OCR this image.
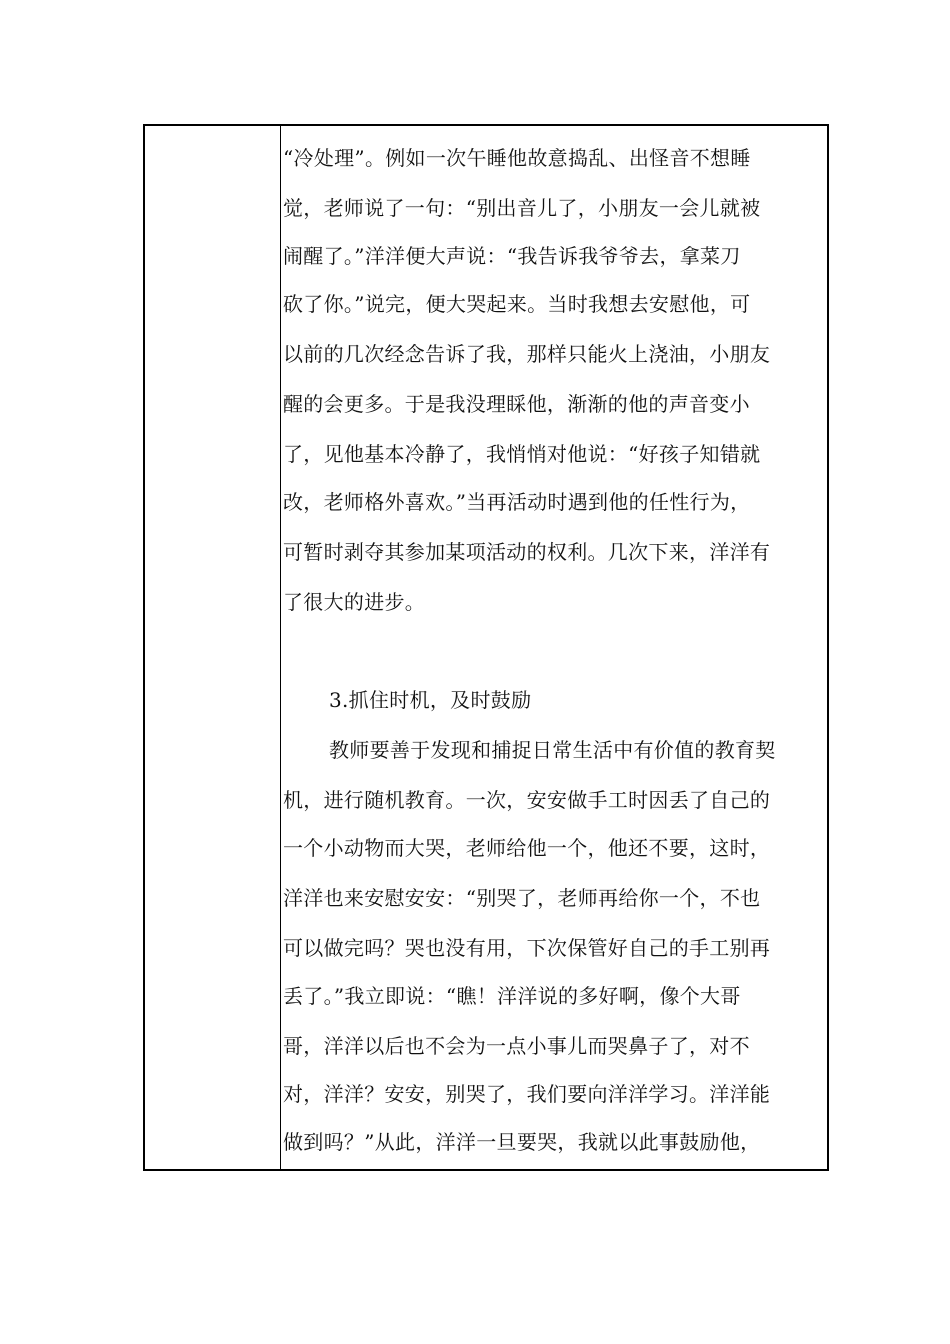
“冷处理”。例如一次午睡他故意捣乱、出怪音不想睡
觉，老师说了一句：“别出音儿了，小朋友一会儿就被
闹醒了。”洋洋便大声说：“我告诉我爷爷去，拿菜刀
砍了你。”说完，便大哭起来。当时我想去安慰他，可
以前的几次经念告诉了我，那样只能火上浇油，小朋友
醒的会更多。于是我没理睬他，渐渐的他的声音变小
了，见他基本冷静了，我悄悄对他说：“好孩子知错就
改，老师格外喜欢。”当再活动时遇到他的任性行为，
可暂时剥夺其参加某项活动的权利。几次下来，洋洋有
了很大的进步。
3.抓住时机，及时鼓励
教师要善于发现和捕捉日常生活中有价值的教育契
机，进行随机教育。一次，安安做手工时因丢了自己的
一个小动物而大哭，老师给他一个，他还不要，这时，
洋洋也来安慰安安：“别哭了，老师再给你一个，不也
可以做完吗？哭也没有用，下次保管好自己的手工别再
丢了。”我立即说：“瞧！洋洋说的多好啊，像个大哥
哥，洋洋以后也不会为一点小事儿而哭鼻子了，对不
对，洋洋？安安，别哭了，我们要向洋洋学习。洋洋能
做到吗？”从此，洋洋一旦要哭，我就以此事鼓励他，
